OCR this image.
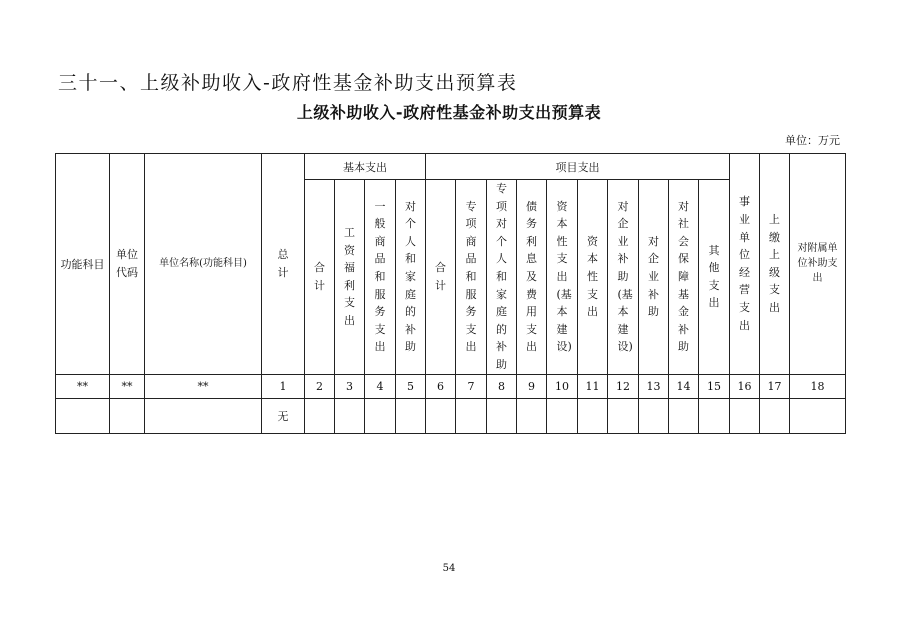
三十一、上级补助收入-政府性基金补助支出预算表
上级补助收入-政府性基金补助支出预算表
单位：万元
功能科目	单位代码	单位名称(功能科目)	总计	基本支出				项目支出										事业单位经营支出	上缴上级支出	对附属单位补助支出
				合计	工资福利支出	一般商品和服务支出	对个人和家庭的补助	合计	专项商品和服务支出	专项对个人和家庭的补助	债务利息及费用支出	资本性支出(基本建设)	资本性支出	对企业补助(基本建设)	对企业补助	对社会保障基金补助	其他支出			
**	**	**	1	2	3	4	5	6	7	8	9	10	11	12	13	14	15	16	17	18
			无																	
54
